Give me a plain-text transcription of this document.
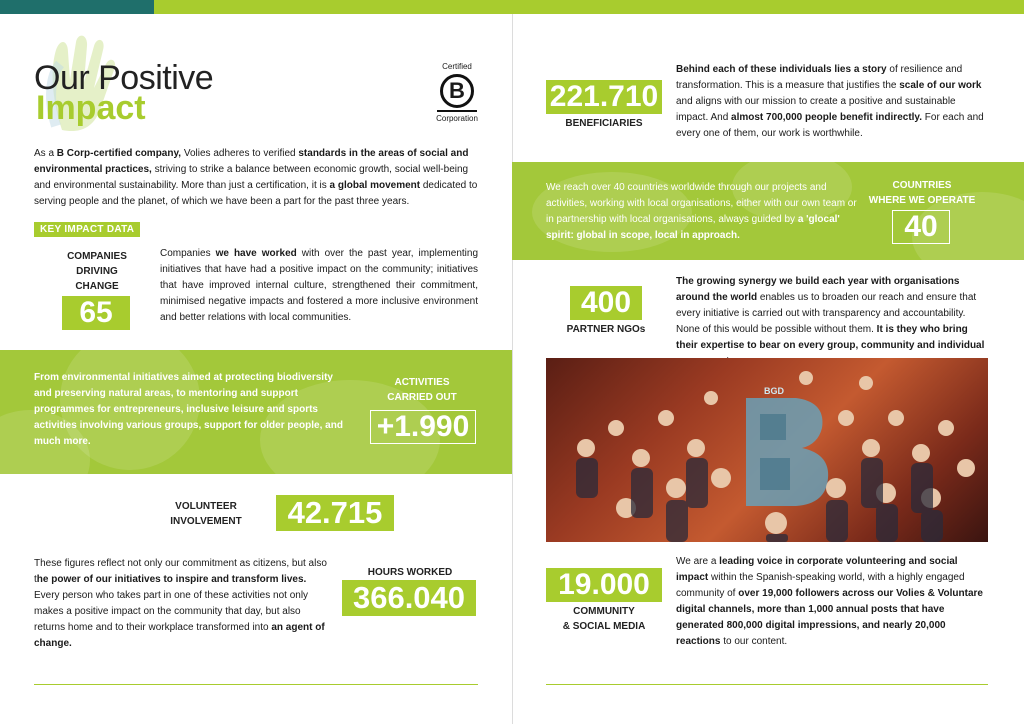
Our Positive
Impact
Certified
B
Corporation
As a B Corp-certified company, Volies adheres to verified standards in the areas of social and environmental practices, striving to strike a balance between economic growth, social well-being and environmental sustainability. More than just a certification, it is a global movement dedicated to serving people and the planet, of which we have been a part for the past three years.
KEY IMPACT DATA
COMPANIES
DRIVING
CHANGE
65
Companies we have worked with over the past year, implementing initiatives that have had a positive impact on the community; initiatives that have improved internal culture, strengthened their commitment, minimised negative impacts and fostered a more inclusive environment and better relations with local communities.
From environmental initiatives aimed at protecting biodiversity and preserving natural areas, to mentoring and support programmes for entrepreneurs, inclusive leisure and sports activities involving various groups, support for older people, and much more.
ACTIVITIES
CARRIED OUT
+1.990
VOLUNTEER
INVOLVEMENT	42.715
These figures reflect not only our commitment as citizens, but also the power of our initiatives to inspire and transform lives. Every person who takes part in one of these activities not only makes a positive impact on the community that day, but also returns home and to their workplace transformed into an agent of change.
HOURS WORKED
366.040
221.710
BENEFICIARIES
Behind each of these individuals lies a story of resilience and transformation. This is a measure that justifies the scale of our work and aligns with our mission to create a positive and sustainable impact. And almost 700,000 people benefit indirectly. For each and every one of them, our work is worthwhile.
We reach over 40 countries worldwide through our projects and activities, working with local organisations, either with our own team or in partnership with local organisations, always guided by a 'glocal' spirit: global in scope, local in approach.
COUNTRIES
WHERE WE OPERATE
40
400
PARTNER NGOs
The growing synergy we build each year with organisations around the world enables us to broaden our reach and ensure that every initiative is carried out with transparency and accountability. None of this would be possible without them. It is they who bring their expertise to bear on every group, community and individual
BGD
19.000
COMMUNITY
& SOCIAL MEDIA
We are a leading voice in corporate volunteering and social impact within the Spanish-speaking world, with a highly engaged community of over 19,000 followers across our Volies & Voluntare digital channels, more than 1,000 annual posts that have generated 800,000 digital impressions, and nearly 20,000 reactions to our content.
